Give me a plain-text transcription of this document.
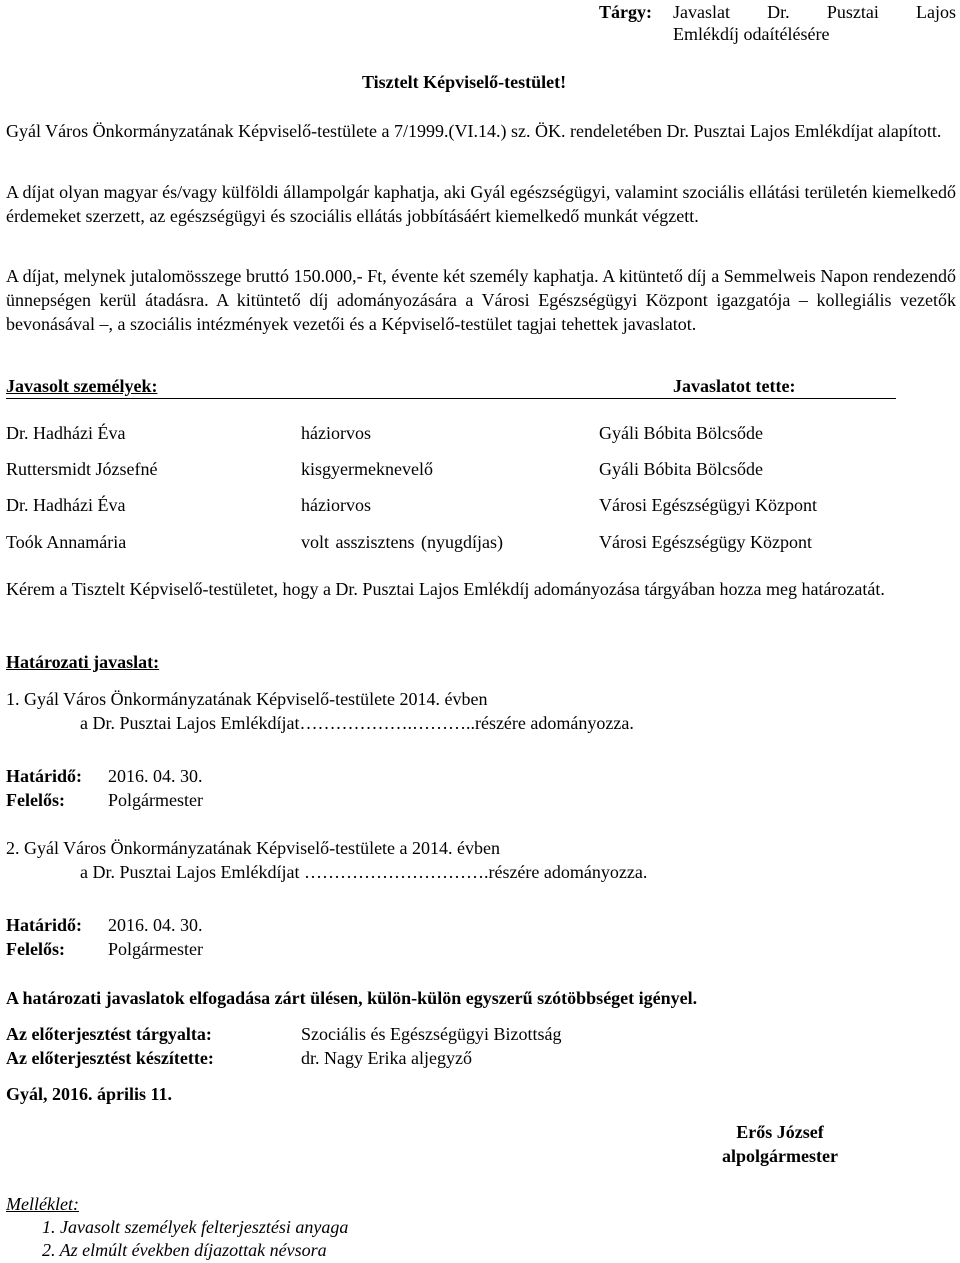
Tárgy: Javaslat Dr. Pusztai Lajos
Emlékdíj odaítélésére
Tisztelt Képviselő-testület!
Gyál Város Önkormányzatának Képviselő-testülete a 7/1999.(VI.14.) sz. ÖK. rendeletében Dr. Pusztai Lajos Emlékdíjat alapított.
A díjat olyan magyar és/vagy külföldi állampolgár kaphatja, aki Gyál egészségügyi, valamint szociális ellátási területén kiemelkedő érdemeket szerzett, az egészségügyi és szociális ellátás jobbításáért kiemelkedő munkát végzett.
A díjat, melynek jutalomösszege bruttó 150.000,- Ft, évente két személy kaphatja. A kitüntető díj a Semmelweis Napon rendezendő ünnepségen kerül átadásra. A kitüntető díj adományozására a Városi Egészségügyi Központ igazgatója – kollegiális vezetők bevonásával –, a szociális intézmények vezetői és a Képviselő-testület tagjai tehettek javaslatot.
Javasolt személyek:	Javaslatot tette:
Dr. Hadházi Éva	háziorvos	Gyáli Bóbita Bölcsőde
Ruttersmidt Józsefné	kisgyermeknevelő	Gyáli Bóbita Bölcsőde
Dr. Hadházi Éva	háziorvos	Városi Egészségügyi Központ
Toók Annamária	volt asszisztens (nyugdíjas)	Városi Egészségügy Központ
Kérem a Tisztelt Képviselő-testületet, hogy a Dr. Pusztai Lajos Emlékdíj adományozása tárgyában hozza meg határozatát.
Határozati javaslat:
1. Gyál Város Önkormányzatának Képviselő-testülete 2014. évben
a Dr. Pusztai Lajos Emlékdíjat……………….………..részére adományozza.
Határidő: 2016. 04. 30.
Felelős: Polgármester
2. Gyál Város Önkormányzatának Képviselő-testülete a 2014. évben
a Dr. Pusztai Lajos Emlékdíjat ………………………….részére adományozza.
Határidő: 2016. 04. 30.
Felelős: Polgármester
A határozati javaslatok elfogadása zárt ülésen, külön-külön egyszerű szótöbbséget igényel.
Az előterjesztést tárgyalta:	Szociális és Egészségügyi Bizottság
Az előterjesztést készítette:	dr. Nagy Erika aljegyző
Gyál, 2016. április 11.
Erős József
alpolgármester
Melléklet:
1. Javasolt személyek felterjesztési anyaga
2. Az elmúlt években díjazottak névsora
